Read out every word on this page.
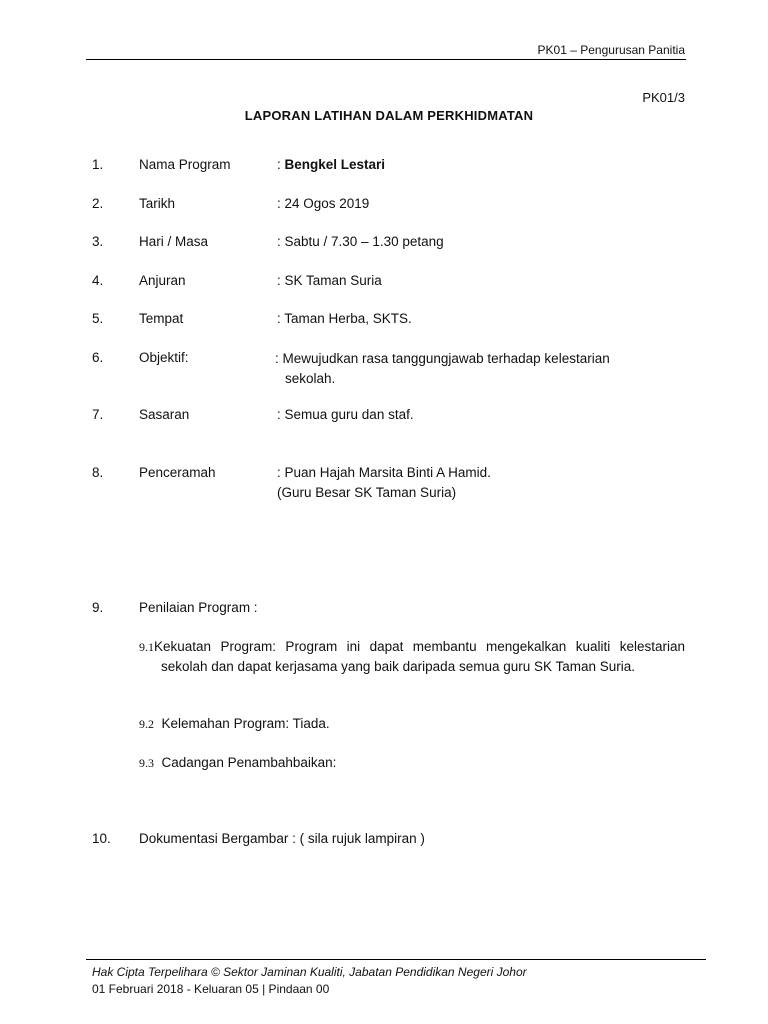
PK01 – Pengurusan Panitia
PK01/3
LAPORAN LATIHAN DALAM PERKHIDMATAN
1.	Nama Program	: Bengkel Lestari
2.	Tarikh	: 24 Ogos 2019
3.	Hari / Masa	: Sabtu / 7.30 – 1.30 petang
4.	Anjuran	: SK Taman Suria
5.	Tempat	: Taman Herba, SKTS.
6.	Objektif:	: Mewujudkan rasa tanggungjawab terhadap kelestarian
sekolah.
7.	Sasaran	: Semua guru dan staf.
8.	Penceramah	: Puan Hajah Marsita Binti A Hamid.
(Guru Besar SK Taman Suria)
9.	Penilaian Program :
9.1Kekuatan Program: Program ini dapat membantu mengekalkan kualiti kelestarian sekolah dan dapat kerjasama yang baik daripada semua guru SK Taman Suria.
9.2 Kelemahan Program: Tiada.
9.3 Cadangan Penambahbaikan:
10. Dokumentasi Bergambar : ( sila rujuk lampiran )
Hak Cipta Terpelihara © Sektor Jaminan Kualiti, Jabatan Pendidikan Negeri Johor
01 Februari 2018 - Keluaran 05 | Pindaan 00
